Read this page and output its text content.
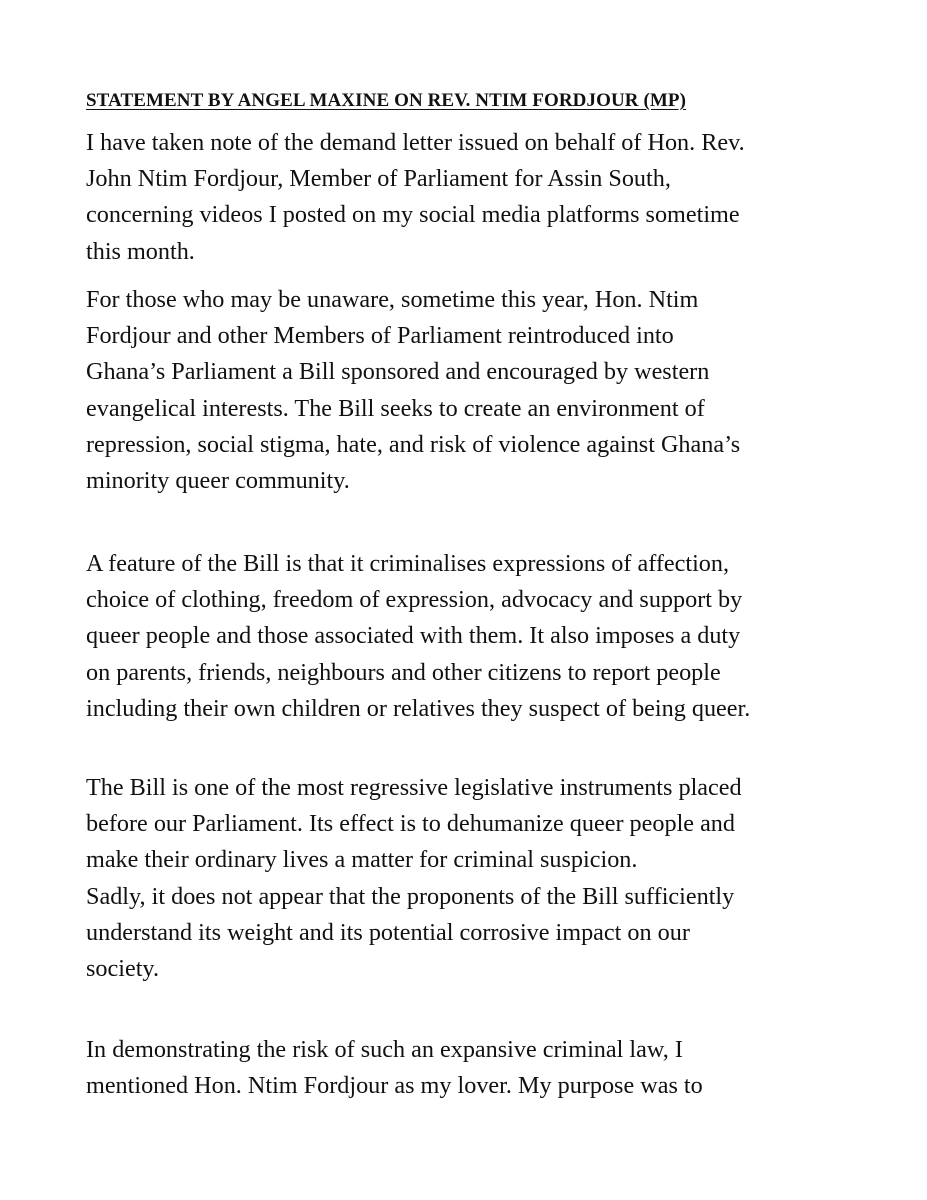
STATEMENT BY ANGEL MAXINE ON REV. NTIM FORDJOUR (MP)

I have taken note of the demand letter issued on behalf of Hon. Rev.
John Ntim Fordjour, Member of Parliament for Assin South,
concerning videos I posted on my social media platforms sometime
this month.

For those who may be unaware, sometime this year, Hon. Ntim
Fordjour and other Members of Parliament reintroduced into
Ghana’s Parliament a Bill sponsored and encouraged by western
evangelical interests. The Bill seeks to create an environment of
repression, social stigma, hate, and risk of violence against Ghana’s
minority queer community.

A feature of the Bill is that it criminalises expressions of affection,
choice of clothing, freedom of expression, advocacy and support by
queer people and those associated with them. It also imposes a duty
on parents, friends, neighbours and other citizens to report people
including their own children or relatives they suspect of being queer.

The Bill is one of the most regressive legislative instruments placed
before our Parliament. Its effect is to dehumanize queer people and
make their ordinary lives a matter for criminal suspicion.
Sadly, it does not appear that the proponents of the Bill sufficiently
understand its weight and its potential corrosive impact on our
society.

In demonstrating the risk of such an expansive criminal law, I
mentioned Hon. Ntim Fordjour as my lover. My purpose was to
